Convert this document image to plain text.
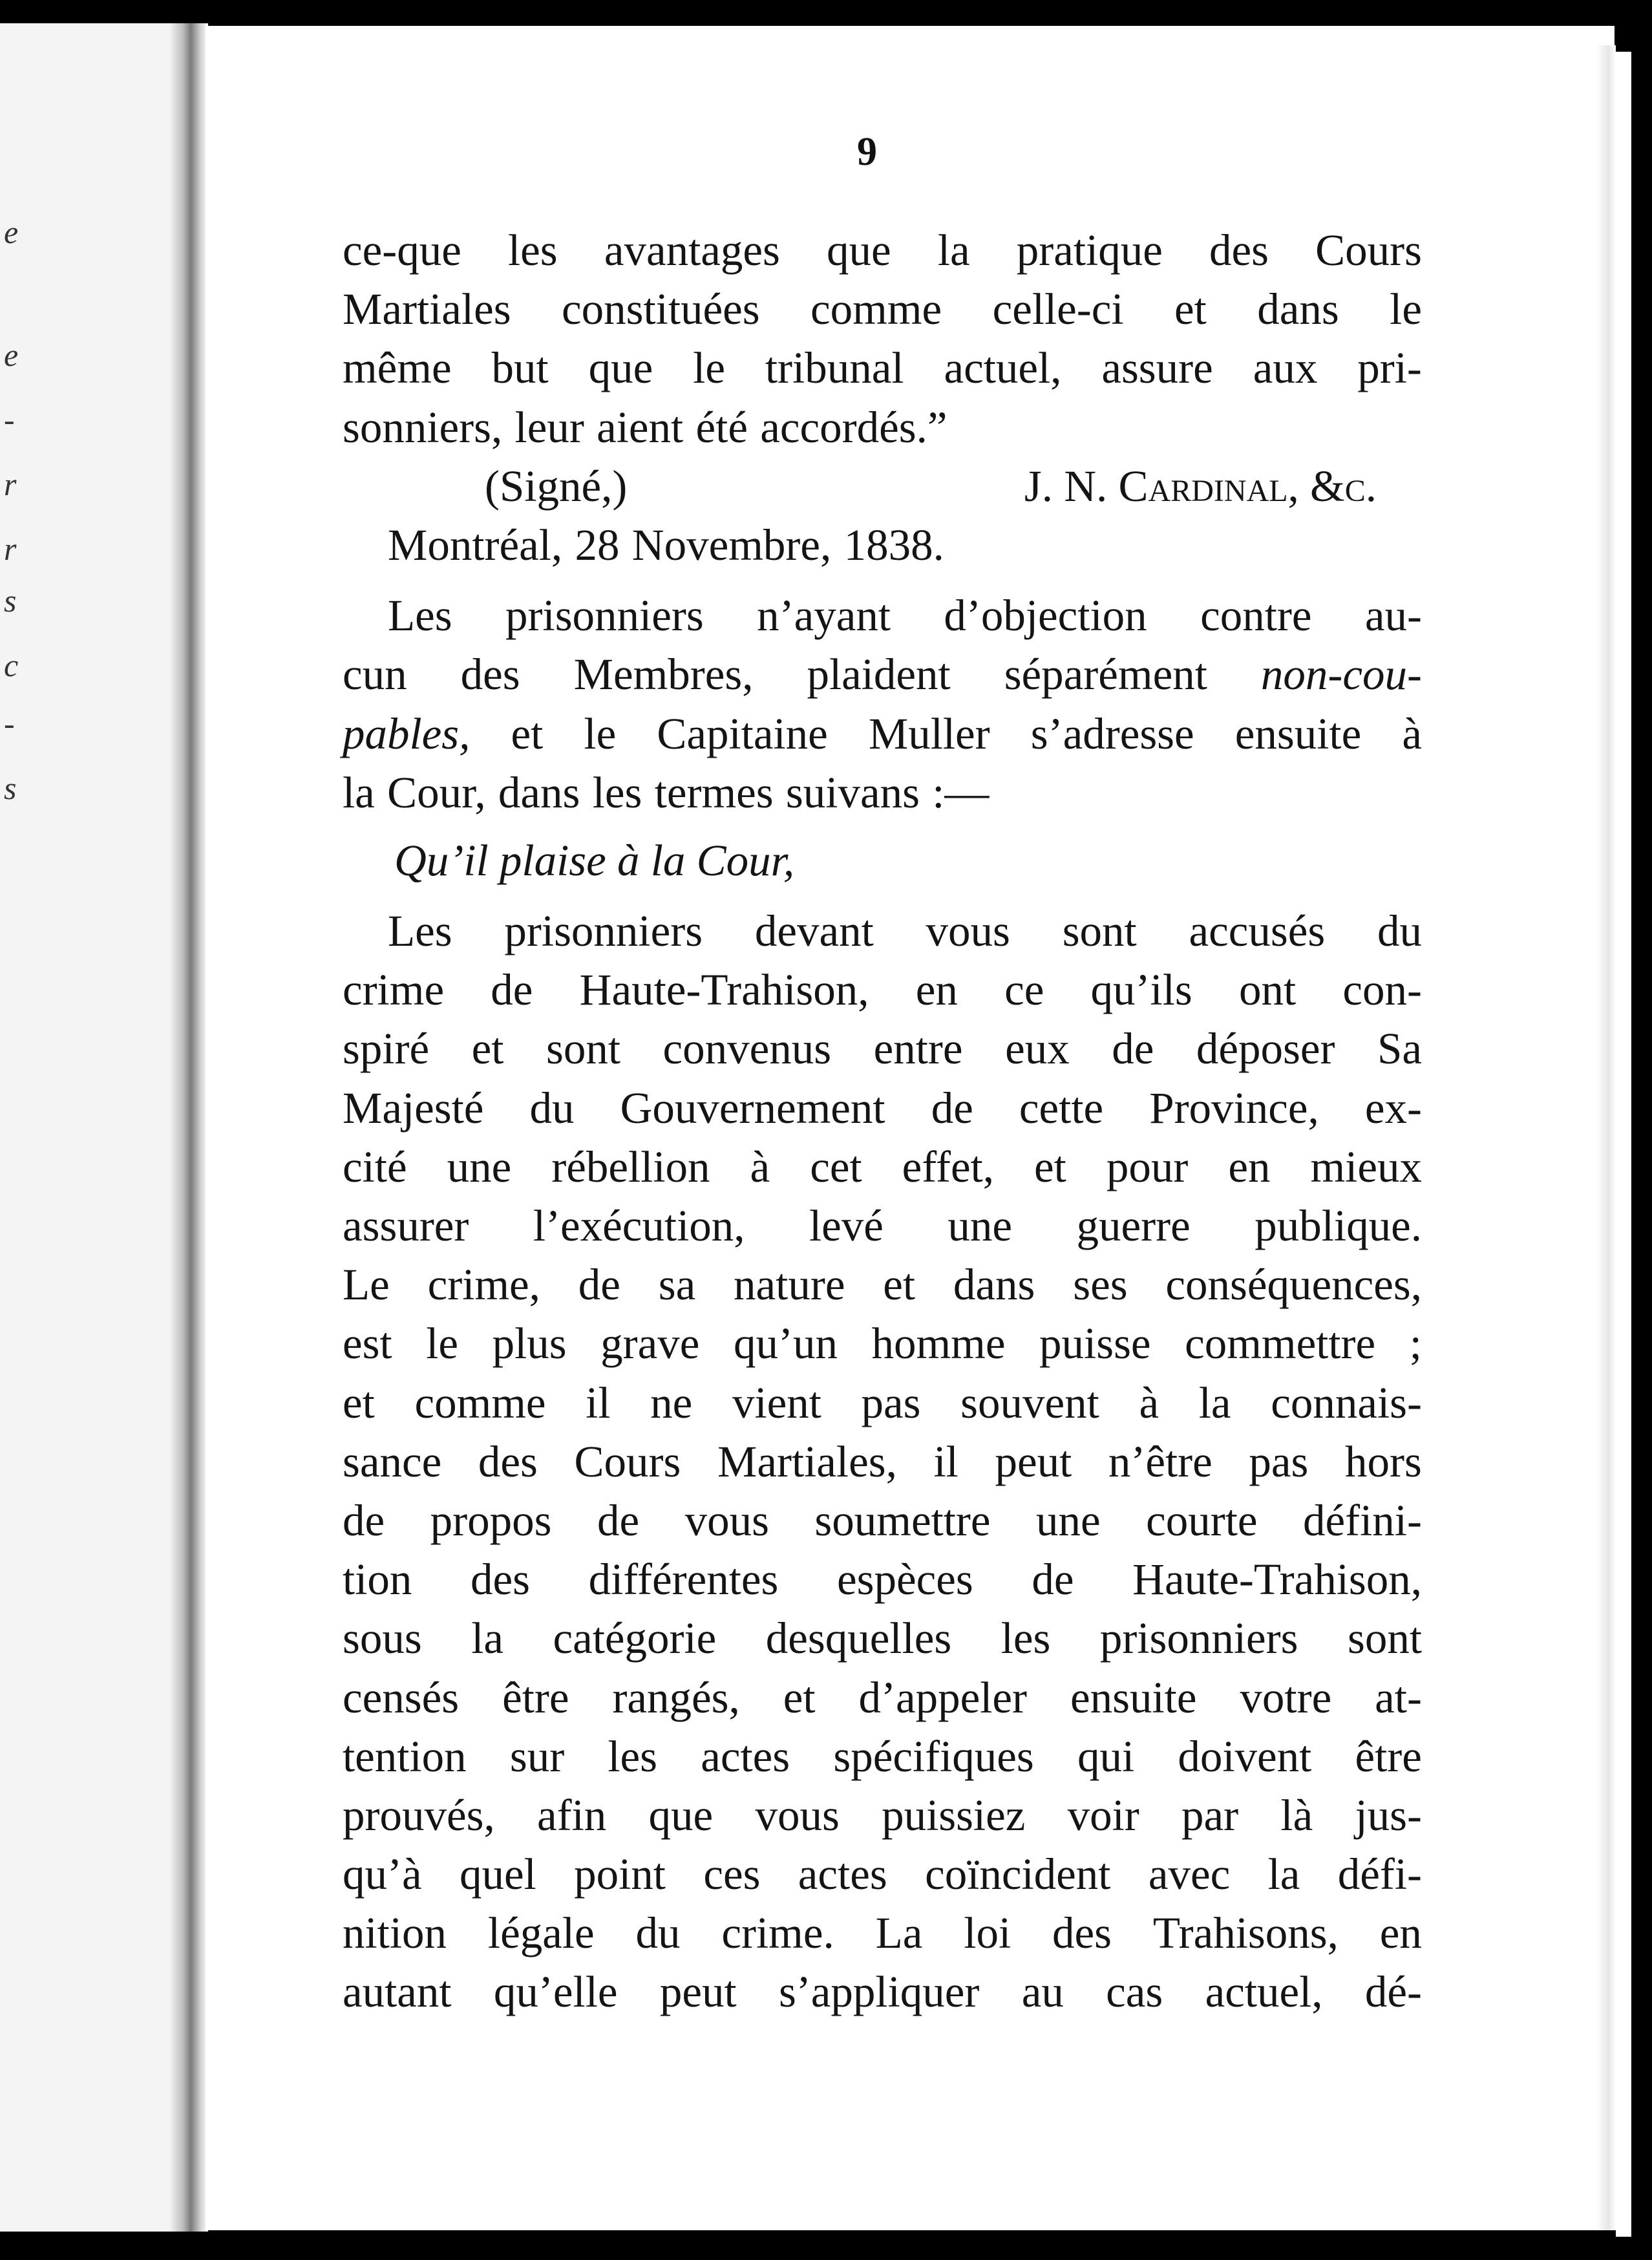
9
ce-que les avantages que la pratique des Cours
Martiales constituées comme celle-ci et dans le
même but que le tribunal actuel, assure aux pri-
sonniers, leur aient été accordés.”
(Signé,)	J. N. Cardinal, &c.
Montréal, 28 Novembre, 1838.
Les prisonniers n’ayant d’objection contre au-
cun des Membres, plaident séparément non-cou-
pables, et le Capitaine Muller s’adresse ensuite à
la Cour, dans les termes suivans :—
Qu’il plaise à la Cour,
Les prisonniers devant vous sont accusés du
crime de Haute-Trahison, en ce qu’ils ont con-
spiré et sont convenus entre eux de déposer Sa
Majesté du Gouvernement de cette Province, ex-
cité une rébellion à cet effet, et pour en mieux
assurer l’exécution, levé une guerre publique.
Le crime, de sa nature et dans ses conséquences,
est le plus grave qu’un homme puisse commettre ;
et comme il ne vient pas souvent à la connais-
sance des Cours Martiales, il peut n’être pas hors
de propos de vous soumettre une courte défini-
tion des différentes espèces de Haute-Trahison,
sous la catégorie desquelles les prisonniers sont
censés être rangés, et d’appeler ensuite votre at-
tention sur les actes spécifiques qui doivent être
prouvés, afin que vous puissiez voir par là jus-
qu’à quel point ces actes coïncident avec la défi-
nition légale du crime. La loi des Trahisons, en
autant qu’elle peut s’appliquer au cas actuel, dé-
e
e
-
r
r
s
c
-
s
